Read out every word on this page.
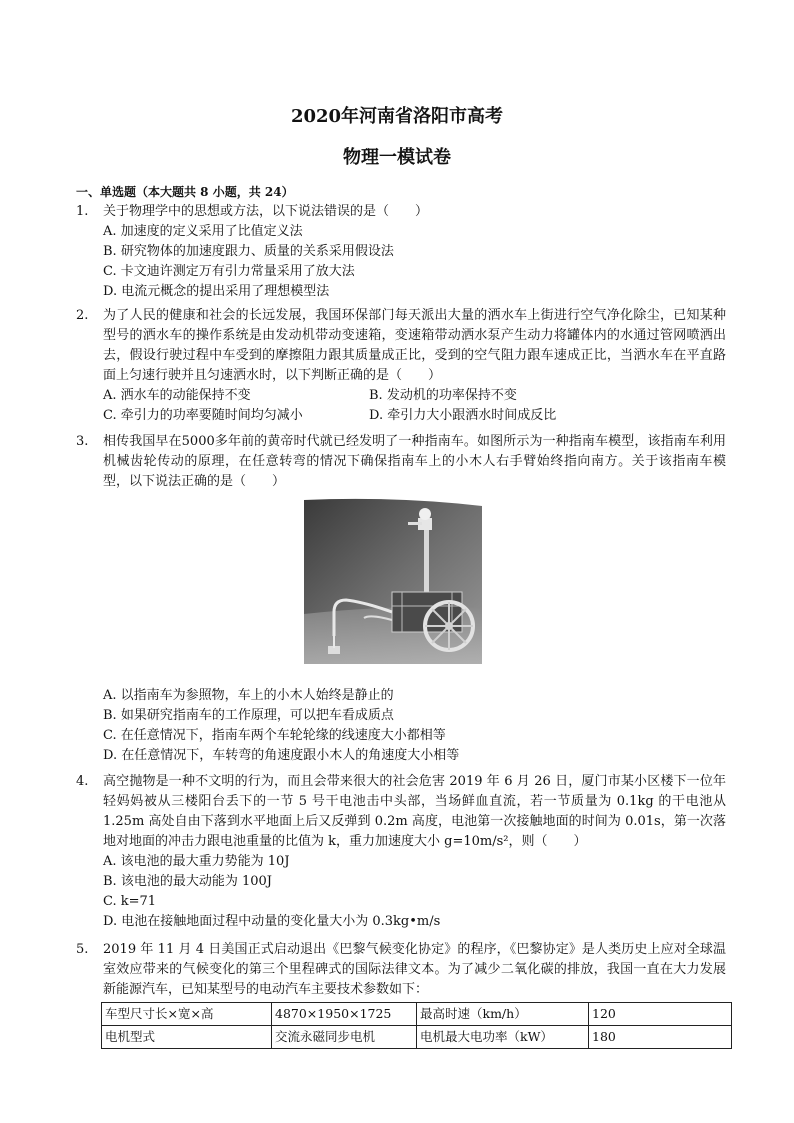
2020年河南省洛阳市高考
物理一模试卷
一、单选题（本大题共 8 小题，共 24）
1.	关于物理学中的思想或方法，以下说法错误的是（　　）
A. 加速度的定义采用了比值定义法
B. 研究物体的加速度跟力、质量的关系采用假设法
C. 卡文迪许测定万有引力常量采用了放大法
D. 电流元概念的提出采用了理想模型法
2.	为了人民的健康和社会的长远发展，我国环保部门每天派出大量的洒水车上街进行空气净化除尘，已知某种型号的洒水车的操作系统是由发动机带动变速箱，变速箱带动洒水泵产生动力将罐体内的水通过管网喷洒出去，假设行驶过程中车受到的摩擦阻力跟其质量成正比，受到的空气阻力跟车速成正比，当洒水车在平直路面上匀速行驶并且匀速洒水时，以下判断正确的是（　　）
A. 洒水车的动能保持不变	B. 发动机的功率保持不变
C. 牵引力的功率要随时间均匀减小	D. 牵引力大小跟洒水时间成反比
3.	相传我国早在5000多年前的黄帝时代就已经发明了一种指南车。如图所示为一种指南车模型，该指南车利用机械齿轮传动的原理，在任意转弯的情况下确保指南车上的小木人右手臂始终指向南方。关于该指南车模型，以下说法正确的是（　　）
A. 以指南车为参照物，车上的小木人始终是静止的
B. 如果研究指南车的工作原理，可以把车看成质点
C. 在任意情况下，指南车两个车轮轮缘的线速度大小都相等
D. 在任意情况下，车转弯的角速度跟小木人的角速度大小相等
4.	高空抛物是一种不文明的行为，而且会带来很大的社会危害 2019 年 6 月 26 日，厦门市某小区楼下一位年轻妈妈被从三楼阳台丢下的一节 5 号干电池击中头部，当场鲜血直流，若一节质量为 0.1kg 的干电池从 1.25m 高处自由下落到水平地面上后又反弹到 0.2m 高度，电池第一次接触地面的时间为 0.01s，第一次落地对地面的冲击力跟电池重量的比值为 k，重力加速度大小 g=10m/s²，则（　　）
A. 该电池的最大重力势能为 10J
B. 该电池的最大动能为 100J
C. k=71
D. 电池在接触地面过程中动量的变化量大小为 0.3kg•m/s
5.	2019 年 11 月 4 日美国正式启动退出《巴黎气候变化协定》的程序，《巴黎协定》是人类历史上应对全球温室效应带来的气候变化的第三个里程碑式的国际法律文本。为了减少二氧化碳的排放，我国一直在大力发展新能源汽车，已知某型号的电动汽车主要技术参数如下：
车型尺寸长×宽×高	4870×1950×1725	最高时速（km/h）	120
电机型式	交流永磁同步电机	电机最大电功率（kW）	180
